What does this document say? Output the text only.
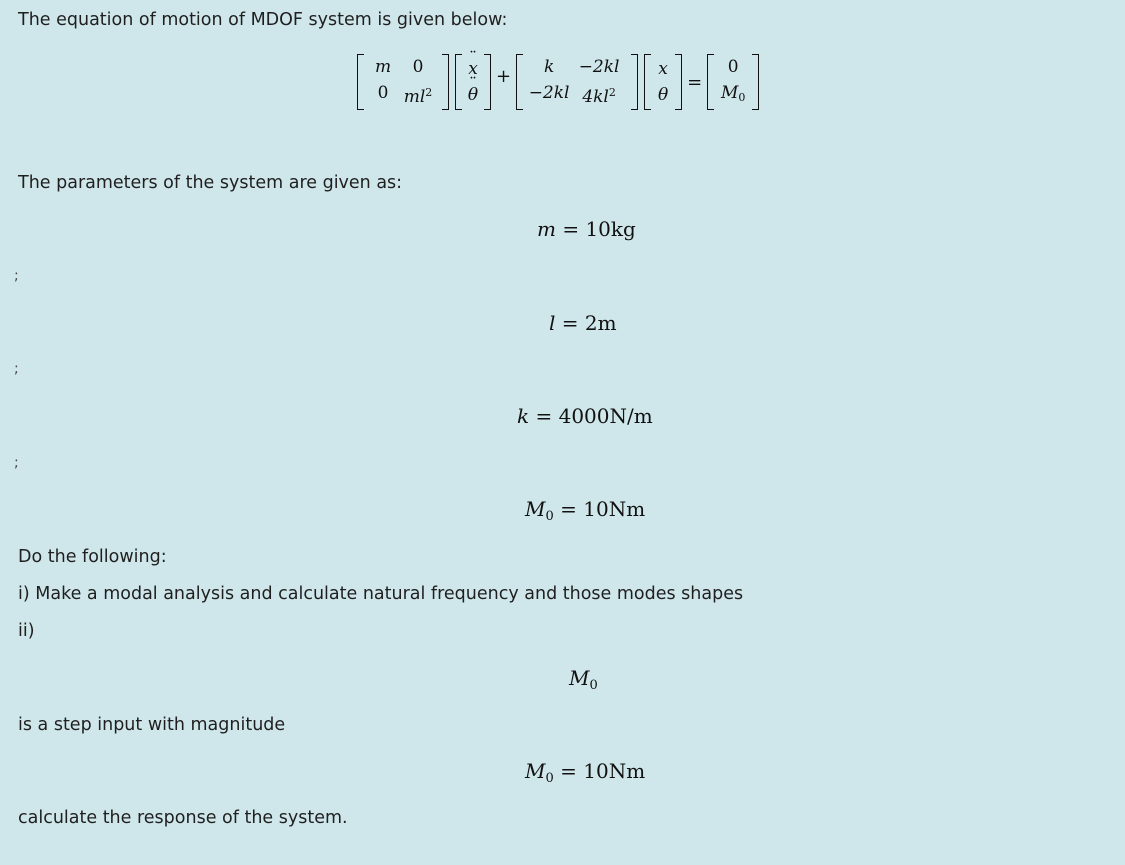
The equation of motion of MDOF system is given below:
m	0
0 $ml^2$
¨ x
¨ θ
+	k	−2kl
−2kl $4kl^2$
x
θ
=
0
$M_0$
The parameters of the system are given as:
m = 10kg
;
l = 2m
;
k = 4000N/m
;
$M_0 = 10Nm$
Do the following:
i) Make a modal analysis and calculate natural frequency and those modes shapes
ii)
$M_0$
is a step input with magnitude
$M_0 = 10Nm$
calculate the response of the system.
